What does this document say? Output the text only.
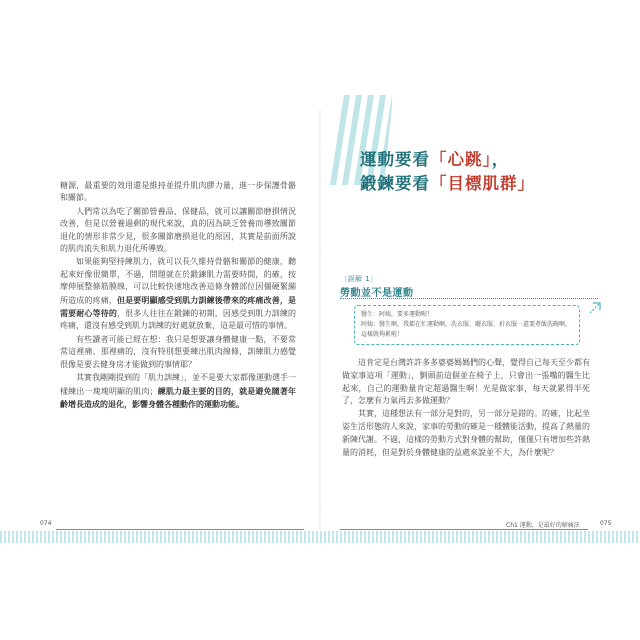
糖源，最重要的效用還是維持並提升肌肉膠力量，進一步保護骨骼和關節。

人們常以為吃了關節營養品、保健品，就可以讓關節磨損情況改善，但是以營養過剩的現代來說，真的因為缺乏營養而導致關節退化的情形非常少見，很多關節磨損退化的原因，其實是前面所說的肌肉流失和肌力退化所導致。

如果能夠堅持練肌力，就可以長久維持骨骼和關節的健康，聽起來好像很簡單，不過，問題就在於鍛鍊肌力需要時間，的確，按摩伸展整條筋膜線，可以比較快速地改善這條身體部位因僵硬緊繃所造成的疼痛，但是要明顯感受到肌力訓練後帶來的疼痛改善，是需要耐心等待的，很多人往往在鍛鍊的初期，因感受到肌力訓練的疼痛，還沒有感受到肌力訓練的好處就放棄，這是最可惜的事情。

有些讀者可能已經在想：我只是想要讓身體健康一點，不要常常這裡痛、那裡痛的，沒有特別想要練出肌肉線條，訓練肌力感覺很像是要去健身房才能做到的事情耶？

其實我剛剛提到的「肌力訓練」，並不是要大家都像運動選手一樣練出一塊塊明顯的肌肉；練肌力最主要的目的，就是避免隨著年齡增長造成的退化，影響身體各種動作的運動功能。

074
運動要看「心跳」，
鍛鍊要看「目標肌群」
〔誤解 1〕
勞動並不是運動

醫生：阿姨，要多運動喔！

阿姨：醫生啊，我都在忙運動啊，洗衣服、曬衣服、折衣服⋯還要煮飯洗碗啊，這樣就夠累啦！

這肯定是台灣許許多多婆婆媽媽們的心聲，覺得自己每天至少都有做家事這項「運動」，劉頭前這個並在椅子上，只會出一張嘴的醫生比起來，自己的運動量肯定超過醫生啊！光是做家事，每天就累得半死了，怎麼有力氣再去多做運動？

其實，這種想法有一部分是對的，另一部分是錯的。的確，比起坐姿生活形態的人來說，家事的勞動的確是一種體能活動，提高了熱量的新陳代謝。不過，這樣的勞動方式對身體的幫助，僅僅只有增加些許熱量的消耗，但是對於身體健康的益處來說並不大，為什麼呢？

Ch1 運動，是最好的解痛法	075
